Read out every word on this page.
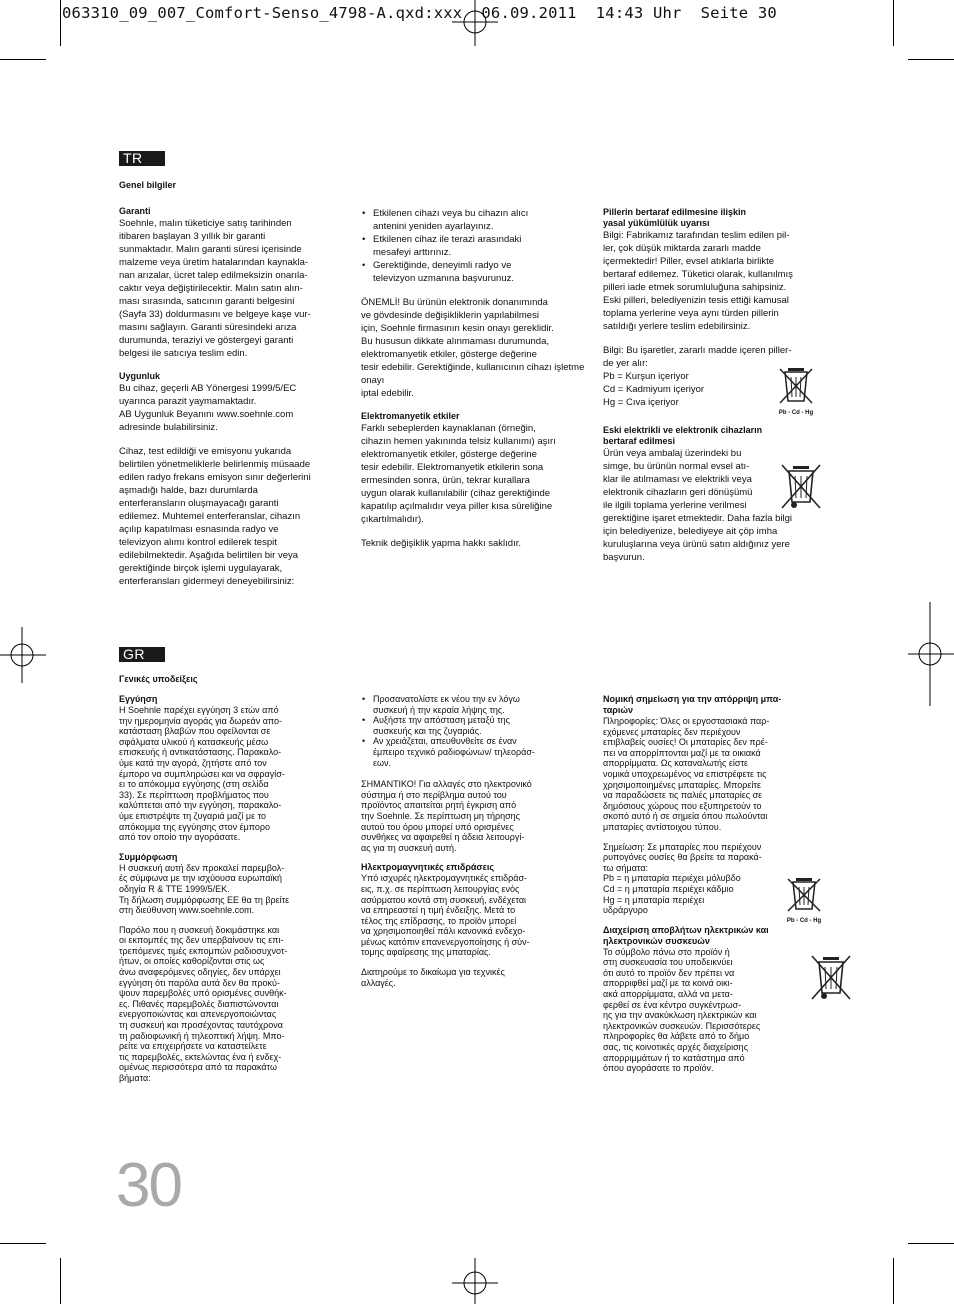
063310_09_007_Comfort-Senso_4798-A.qxd:xxx  06.09.2011  14:43 Uhr  Seite 30
TR
Genel bilgiler
Garanti

Soehnle, malın tüketiciye satış tarihinden
itibaren başlayan 3 yıllık bir garanti
sunmaktadır. Malın garanti süresi içerisinde
malzeme veya üretim hatalarından kaynakla-
nan arızalar, ücret talep edilmeksizin onarıla-
caktır veya değiştirilecektir. Malın satın alın-
ması sırasında, satıcının garanti belgesini
(Sayfa 33) doldurmasını ve belgeye kaşe vur-
masını sağlayın. Garanti süresindeki arıza
durumunda, teraziyi ve göstergeyi garanti
belgesi ile satıcıya teslim edin.

Uygunluk

Bu cihaz, geçerli AB Yönergesi 1999/5/EC
uyarınca parazit yaymamaktadır.
AB Uygunluk Beyanını www.soehnle.com
adresinde bulabilirsiniz.

Cihaz, test edildiği ve emisyonu yukarıda
belirtilen yönetmeliklerle belirlenmiş müsaade
edilen radyo frekans emisyon sınır değerlerini
aşmadığı halde, bazı durumlarda
enterferansların oluşmayacağı garanti
edilemez. Muhtemel enterferanslar, cihazın
açılıp kapatılması esnasında radyo ve
televizyon alımı kontrol edilerek tespit
edilebilmektedir. Aşağıda belirtilen bir veya
gerektiğinde birçok işlemi uygulayarak,
enterferansları gidermeyi deneyebilirsiniz:

• Etkilenen cihazı veya bu cihazın alıcı
antenini yeniden ayarlayınız.
• Etkilenen cihaz ile terazi arasındaki
mesafeyi arttırınız.
• Gerektiğinde, deneyimli radyo ve
televizyon uzmanına başvurunuz.

ÖNEMLİ! Bu ürünün elektronik donanımında
ve gövdesinde değişikliklerin yapılabilmesi
için, Soehnle firmasının kesin onayı gereklidir.
Bu hususun dikkate alınmaması durumunda,
elektromanyetik etkiler, gösterge değerine
tesir edebilir. Gerektiğinde, kullanıcının cihazı işletme onayı
iptal edebilir.

Elektromanyetik etkiler

Farklı sebeplerden kaynaklanan (örneğin,
cihazın hemen yakınında telsiz kullanımı) aşırı
elektromanyetik etkiler, gösterge değerine
tesir edebilir. Elektromanyetik etkilerin sona
ermesinden sonra, ürün, tekrar kurallara
uygun olarak kullanılabilir (cihaz gerektiğinde
kapatılıp açılmalıdır veya piller kısa süreliğine
çıkartılmalıdır).

Teknik değişiklik yapma hakkı saklıdır.

Pillerin bertaraf edilmesine ilişkin
yasal yükümlülük uyarısı

Bilgi: Fabrikamız tarafından teslim edilen pil-
ler, çok düşük miktarda zararlı madde
içermektedir! Piller, evsel atıklarla birlikte
bertaraf edilemez. Tüketici olarak, kullanılmış
pilleri iade etmek sorumluluğuna sahipsiniz.
Eski pilleri, belediyenizin tesis ettiği kamusal
toplama yerlerine veya aynı türden pillerin
satıldığı yerlere teslim edebilirsiniz.

Bilgi: Bu işaretler, zararlı madde içeren piller-
de yer alır:
Pb = Kurşun içeriyor
Cd = Kadmiyum içeriyor
Hg = Cıva içeriyor

Eski elektrikli ve elektronik cihazların
bertaraf edilmesi

Ürün veya ambalaj üzerindeki bu
simge, bu ürünün normal evsel atı-
klar ile atılmaması ve elektrikli veya
elektronik cihazların geri dönüşümü
ile ilgili toplama yerlerine verilmesi
gerektiğine işaret etmektedir. Daha fazla bilgi
için belediyenize, belediyeye ait çöp imha
kuruluşlarına veya ürünü satın aldığınız yere
başvurun.

Pb - Cd - Hg
GR
Γενικές υποδείξεις
Εγγύηση

Η Soehnle παρέχει εγγύηση 3 ετών από
την ημερομηνία αγοράς για δωρεάν απο-
κατάσταση βλαβών που οφείλονται σε
σφάλματα υλικού ή κατασκευής μέσω
επισκευής ή αντικατάστασης. Παρακαλο-
ύμε κατά την αγορά, ζητήστε από τον
έμπορο να συμπληρώσει και να σφραγίσ-
ει το απόκομμα εγγύησης (στη σελίδα
33). Σε περίπτωση προβλήματος που
καλύπτεται από την εγγύηση, παρακαλο-
ύμε επιστρέψτε τη ζυγαριά μαζί με το
απόκομμα της εγγύησης στον έμπορο
από τον οποίο την αγοράσατε.

Συμμόρφωση

Η συσκευή αυτή δεν προκαλεί παρεμβολ-
ές σύμφωνα με την ισχύουσα ευρωπαϊκή
οδηγία R & TTE 1999/5/ΕΚ.
Τη δήλωση συμμόρφωσης ΕΕ θα τη βρείτε
στη διεύθυνση www.soehnle.com.

Παρόλο που η συσκευή δοκιμάστηκε και
οι εκπομπές της δεν υπερβαίνουν τις επι-
τρεπόμενες τιμές εκπομπών ραδιοσυχνοτ-
ήτων, οι οποίες καθορίζονται στις ως
άνω αναφερόμενες οδηγίες, δεν υπάρχει
εγγύηση ότι παρόλα αυτά δεν θα προκύ-
ψουν παρεμβολές υπό ορισμένες συνθήκ-
ες. Πιθανές παρεμβολές διαπιστώνονται
ενεργοποιώντας και απενεργοποιώντας
τη συσκευή και προσέχοντας ταυτόχρονα
τη ραδιοφωνική ή τηλεοπτική λήψη. Μπο-
ρείτε να επιχειρήσετε να καταστείλετε
τις παρεμβολές, εκτελώντας ένα ή ενδεχ-
ομένως περισσότερα από τα παρακάτω
βήματα:

• Προσανατολίστε εκ νέου την εν λόγω
συσκευή ή την κεραία λήψης της.
• Αυξήστε την απόσταση μεταξύ της
συσκευής και της ζυγαριάς.
• Αν χρειάζεται, απευθυνθείτε σε έναν
έμπειρο τεχνικό ραδιοφώνων/ τηλεοράσ-
εων.

ΣΗΜΑΝΤΙΚΟ! Για αλλαγές στο ηλεκτρονικό
σύστημα ή στο περίβλημα αυτού του
προϊόντος απαιτείται ρητή έγκριση από
την Soehnle. Σε περίπτωση μη τήρησης
αυτού του όρου μπορεί υπό ορισμένες
συνθήκες να αφαιρεθεί η άδεια λειτουργί-
ας για τη συσκευή αυτή.

Ηλεκτρομαγνητικές επιδράσεις

Υπό ισχυρές ηλεκτρομαγνητικές επιδράσ-
εις, π.χ. σε περίπτωση λειτουργίας ενός
ασύρματου κοντά στη συσκευή, ενδέχεται
να επηρεαστεί η τιμή ένδειξης. Μετά το
τέλος της επίδρασης, το προϊόν μπορεί
να χρησιμοποιηθεί πάλι κανονικά ενδεχο-
μένως κατόπιν επανενεργοποίησης ή σύν-
τομης αφαίρεσης της μπαταρίας.

Διατηρούμε το δικαίωμα για τεχνικές
αλλαγές.

Νομική σημείωση για την απόρριψη μπα-
ταριών

Πληροφορίες: Όλες οι εργοστασιακά παρ-
εχόμενες μπαταρίες δεν περιέχουν
επιβλαβείς ουσίες! Οι μπαταρίες δεν πρέ-
πει να απορρίπτονται μαζί με τα οικιακά
απορρίμματα. Ως καταναλωτής είστε
νομικά υποχρεωμένος να επιστρέφετε τις
χρησιμοποιημένες μπαταρίες. Μπορείτε
να παραδώσετε τις παλιές μπαταρίες σε
δημόσιους χώρους που εξυπηρετούν το
σκοπό αυτό ή σε σημεία όπου πωλούνται
μπαταρίες αντίστοιχου τύπου.

Σημείωση: Σε μπαταρίες που περιέχουν
ρυπογόνες ουσίες θα βρείτε τα παρακά-
τω σήματα:
Pb = η μπαταρία περιέχει μόλυβδο
Cd = η μπαταρία περιέχει κάδμιο
Hg = η μπαταρία περιέχει
υδράργυρο

Διαχείριση αποβλήτων ηλεκτρικών και
ηλεκτρονικών συσκευών

Το σύμβολο πάνω στο προϊόν ή
στη συσκευασία του υποδεικνύει
ότι αυτό το προϊόν δεν πρέπει να
απορριφθεί μαζί με τα κοινά οικι-
ακά απορρίμματα, αλλά να μετα-
φερθεί σε ένα κέντρο συγκέντρωσ-
ης για την ανακύκλωση ηλεκτρικών και
ηλεκτρονικών συσκευών. Περισσότερες
πληροφορίες θα λάβετε από το δήμο
σας, τις κοινοτικές αρχές διαχείρισης
απορριμμάτων ή το κατάστημα από
όπου αγοράσατε το προϊόν.

Pb - Cd - Hg
30
